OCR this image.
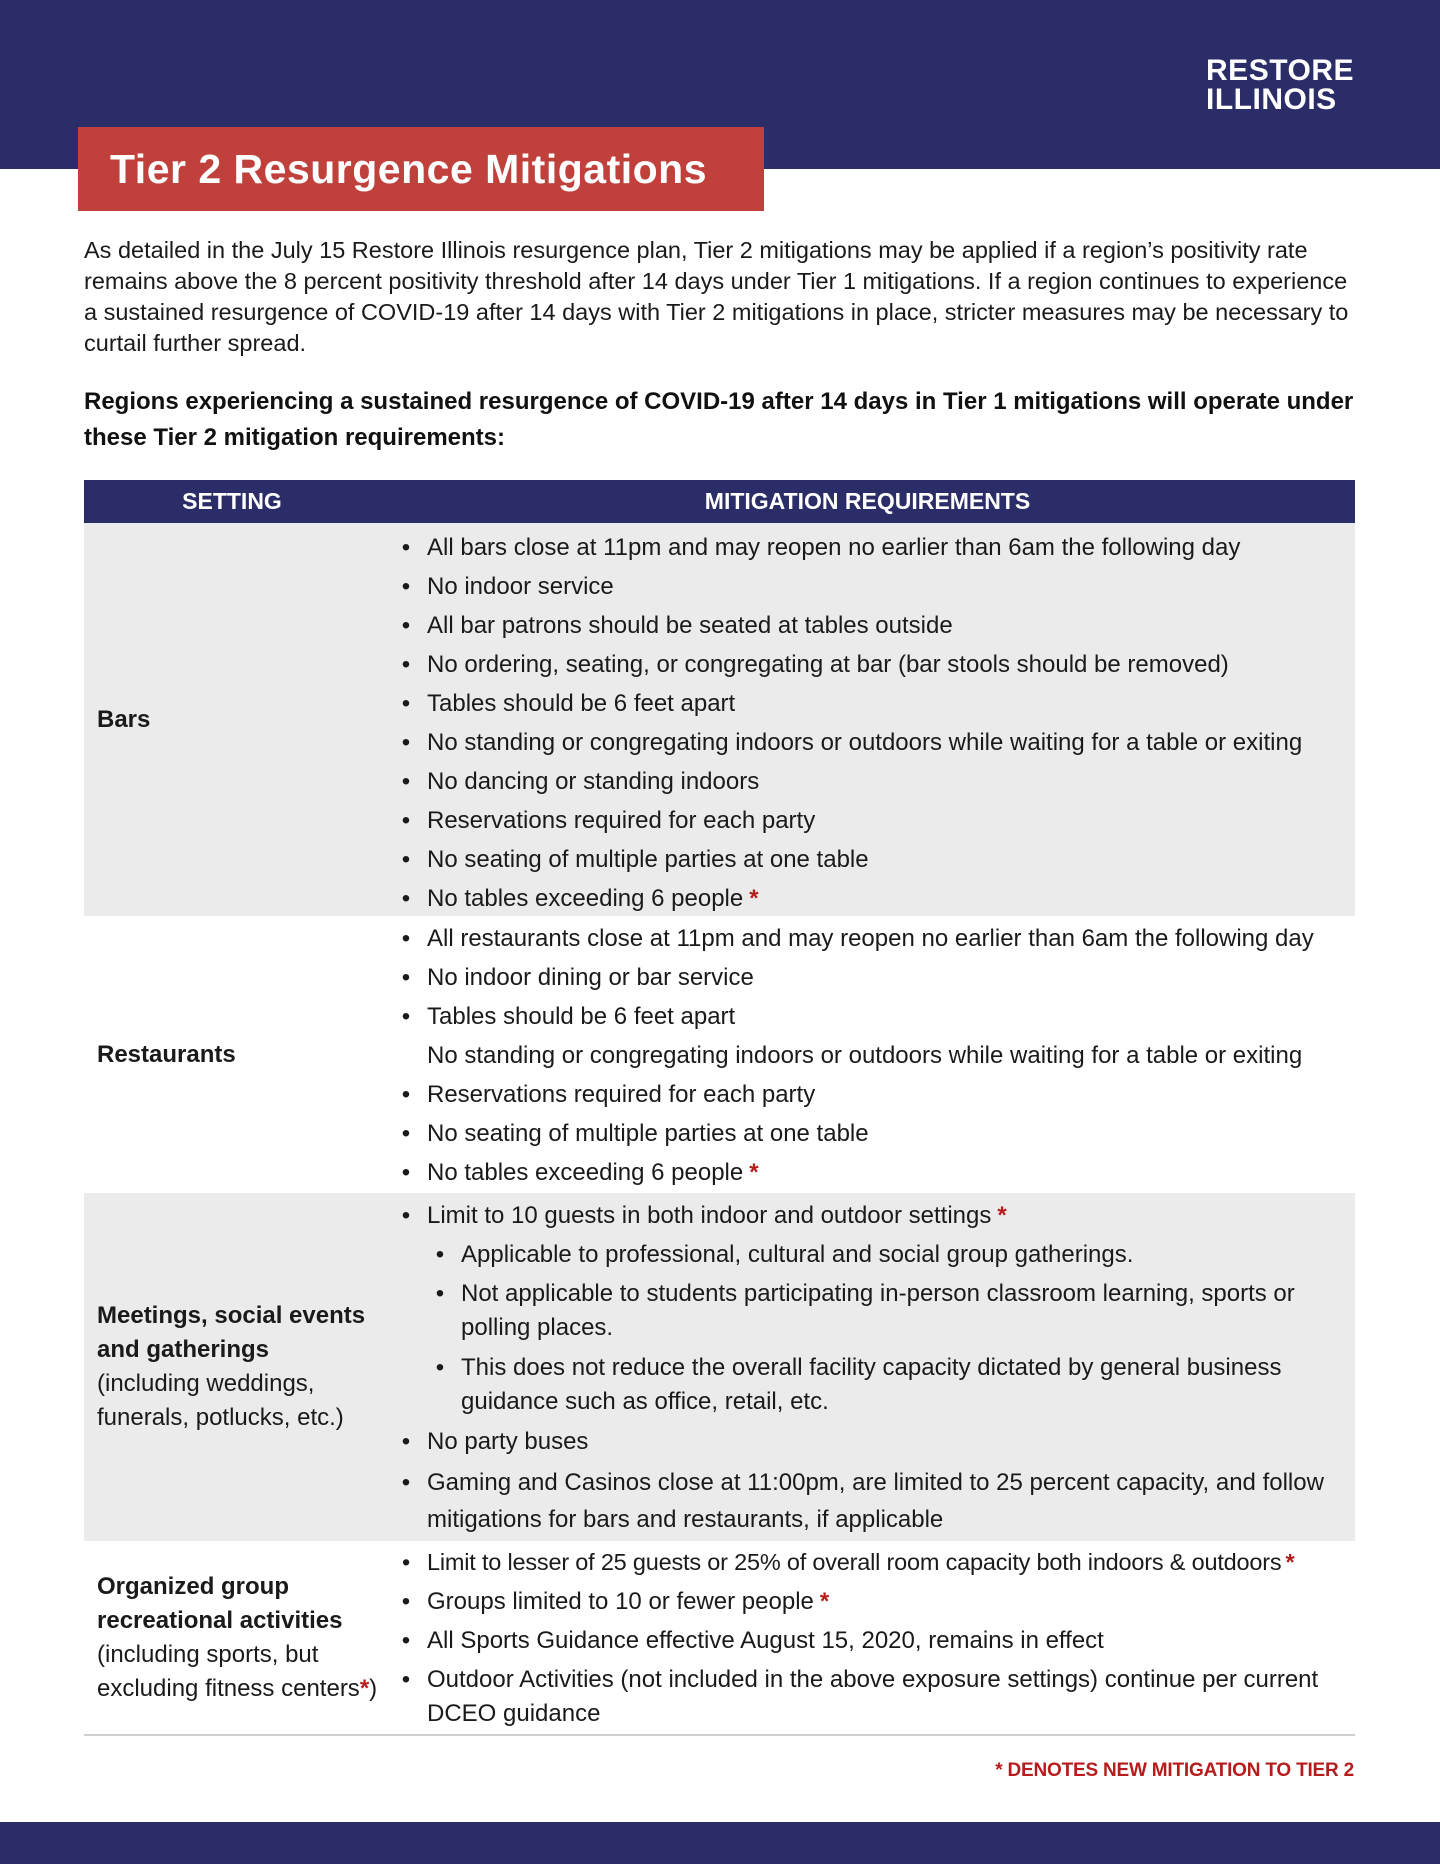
RESTORE
ILLINOIS
Tier 2 Resurgence Mitigations

As detailed in the July 15 Restore Illinois resurgence plan, Tier 2 mitigations may be applied if a region’s positivity rate remains above the 8 percent positivity threshold after 14 days under Tier 1 mitigations. If a region continues to experience a sustained resurgence of COVID-19 after 14 days with Tier 2 mitigations in place, stricter measures may be necessary to curtail further spread.

Regions experiencing a sustained resurgence of COVID-19 after 14 days in Tier 1 mitigations will operate under these Tier 2 mitigation requirements:

SETTING	MITIGATION REQUIREMENTS
Bars
• All bars close at 11pm and may reopen no earlier than 6am the following day
• No indoor service
• All bar patrons should be seated at tables outside
• No ordering, seating, or congregating at bar (bar stools should be removed)
• Tables should be 6 feet apart
• No standing or congregating indoors or outdoors while waiting for a table or exiting
• No dancing or standing indoors
• Reservations required for each party
• No seating of multiple parties at one table
• No tables exceeding 6 people *
Restaurants
• All restaurants close at 11pm and may reopen no earlier than 6am the following day
• No indoor dining or bar service
• Tables should be 6 feet apart
No standing or congregating indoors or outdoors while waiting for a table or exiting
• Reservations required for each party
• No seating of multiple parties at one table
• No tables exceeding 6 people *
Meetings, social events and gatherings
(including weddings, funerals, potlucks, etc.)
• Limit to 10 guests in both indoor and outdoor settings *
• Applicable to professional, cultural and social group gatherings.
• Not applicable to students participating in-person classroom learning, sports or polling places.
• This does not reduce the overall facility capacity dictated by general business guidance such as office, retail, etc.
• No party buses
• Gaming and Casinos close at 11:00pm, are limited to 25 percent capacity, and follow mitigations for bars and restaurants, if applicable
Organized group recreational activities
(including sports, but excluding fitness centers*)
• Limit to lesser of 25 guests or 25% of overall room capacity both indoors & outdoors *
• Groups limited to 10 or fewer people *
• All Sports Guidance effective August 15, 2020, remains in effect
• Outdoor Activities (not included in the above exposure settings) continue per current DCEO guidance
* DENOTES NEW MITIGATION TO TIER 2
